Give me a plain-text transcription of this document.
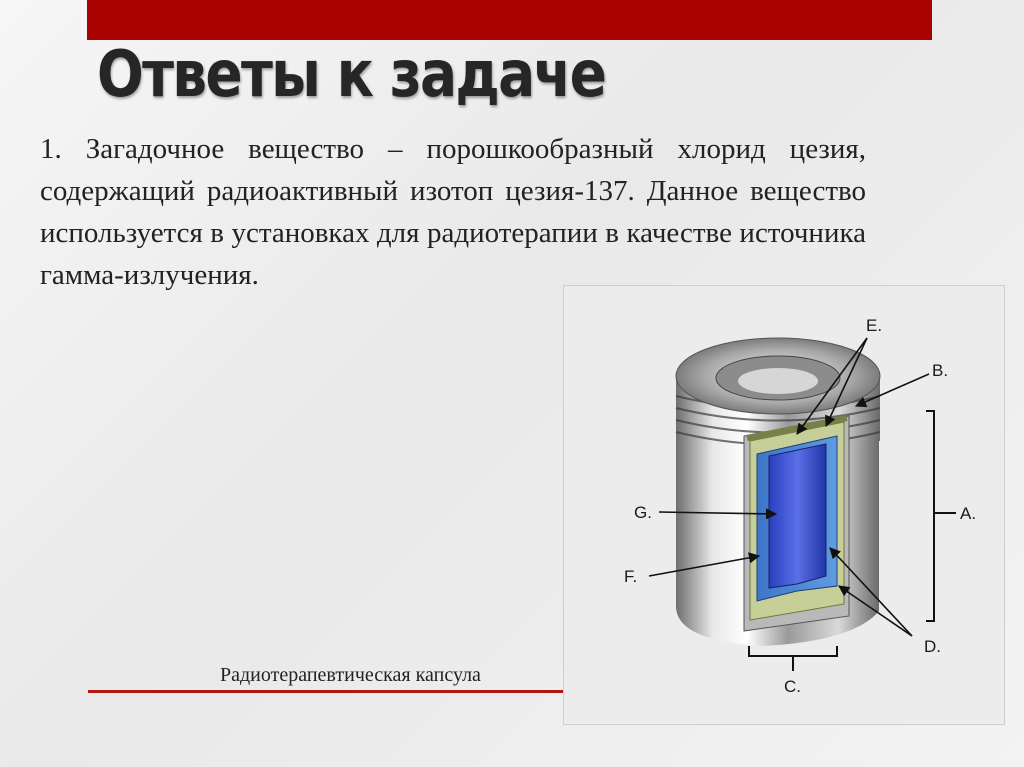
Ответы к задаче

1. Загадочное вещество – порошкообразный хлорид цезия, содержащий радиоактивный изотоп цезия-137. Данное вещество используется в установках для радиотерапии в качестве источника гамма-излучения.

E.
B.
A.
G.
F.
D.
C.

Радиотерапевтическая капсула
